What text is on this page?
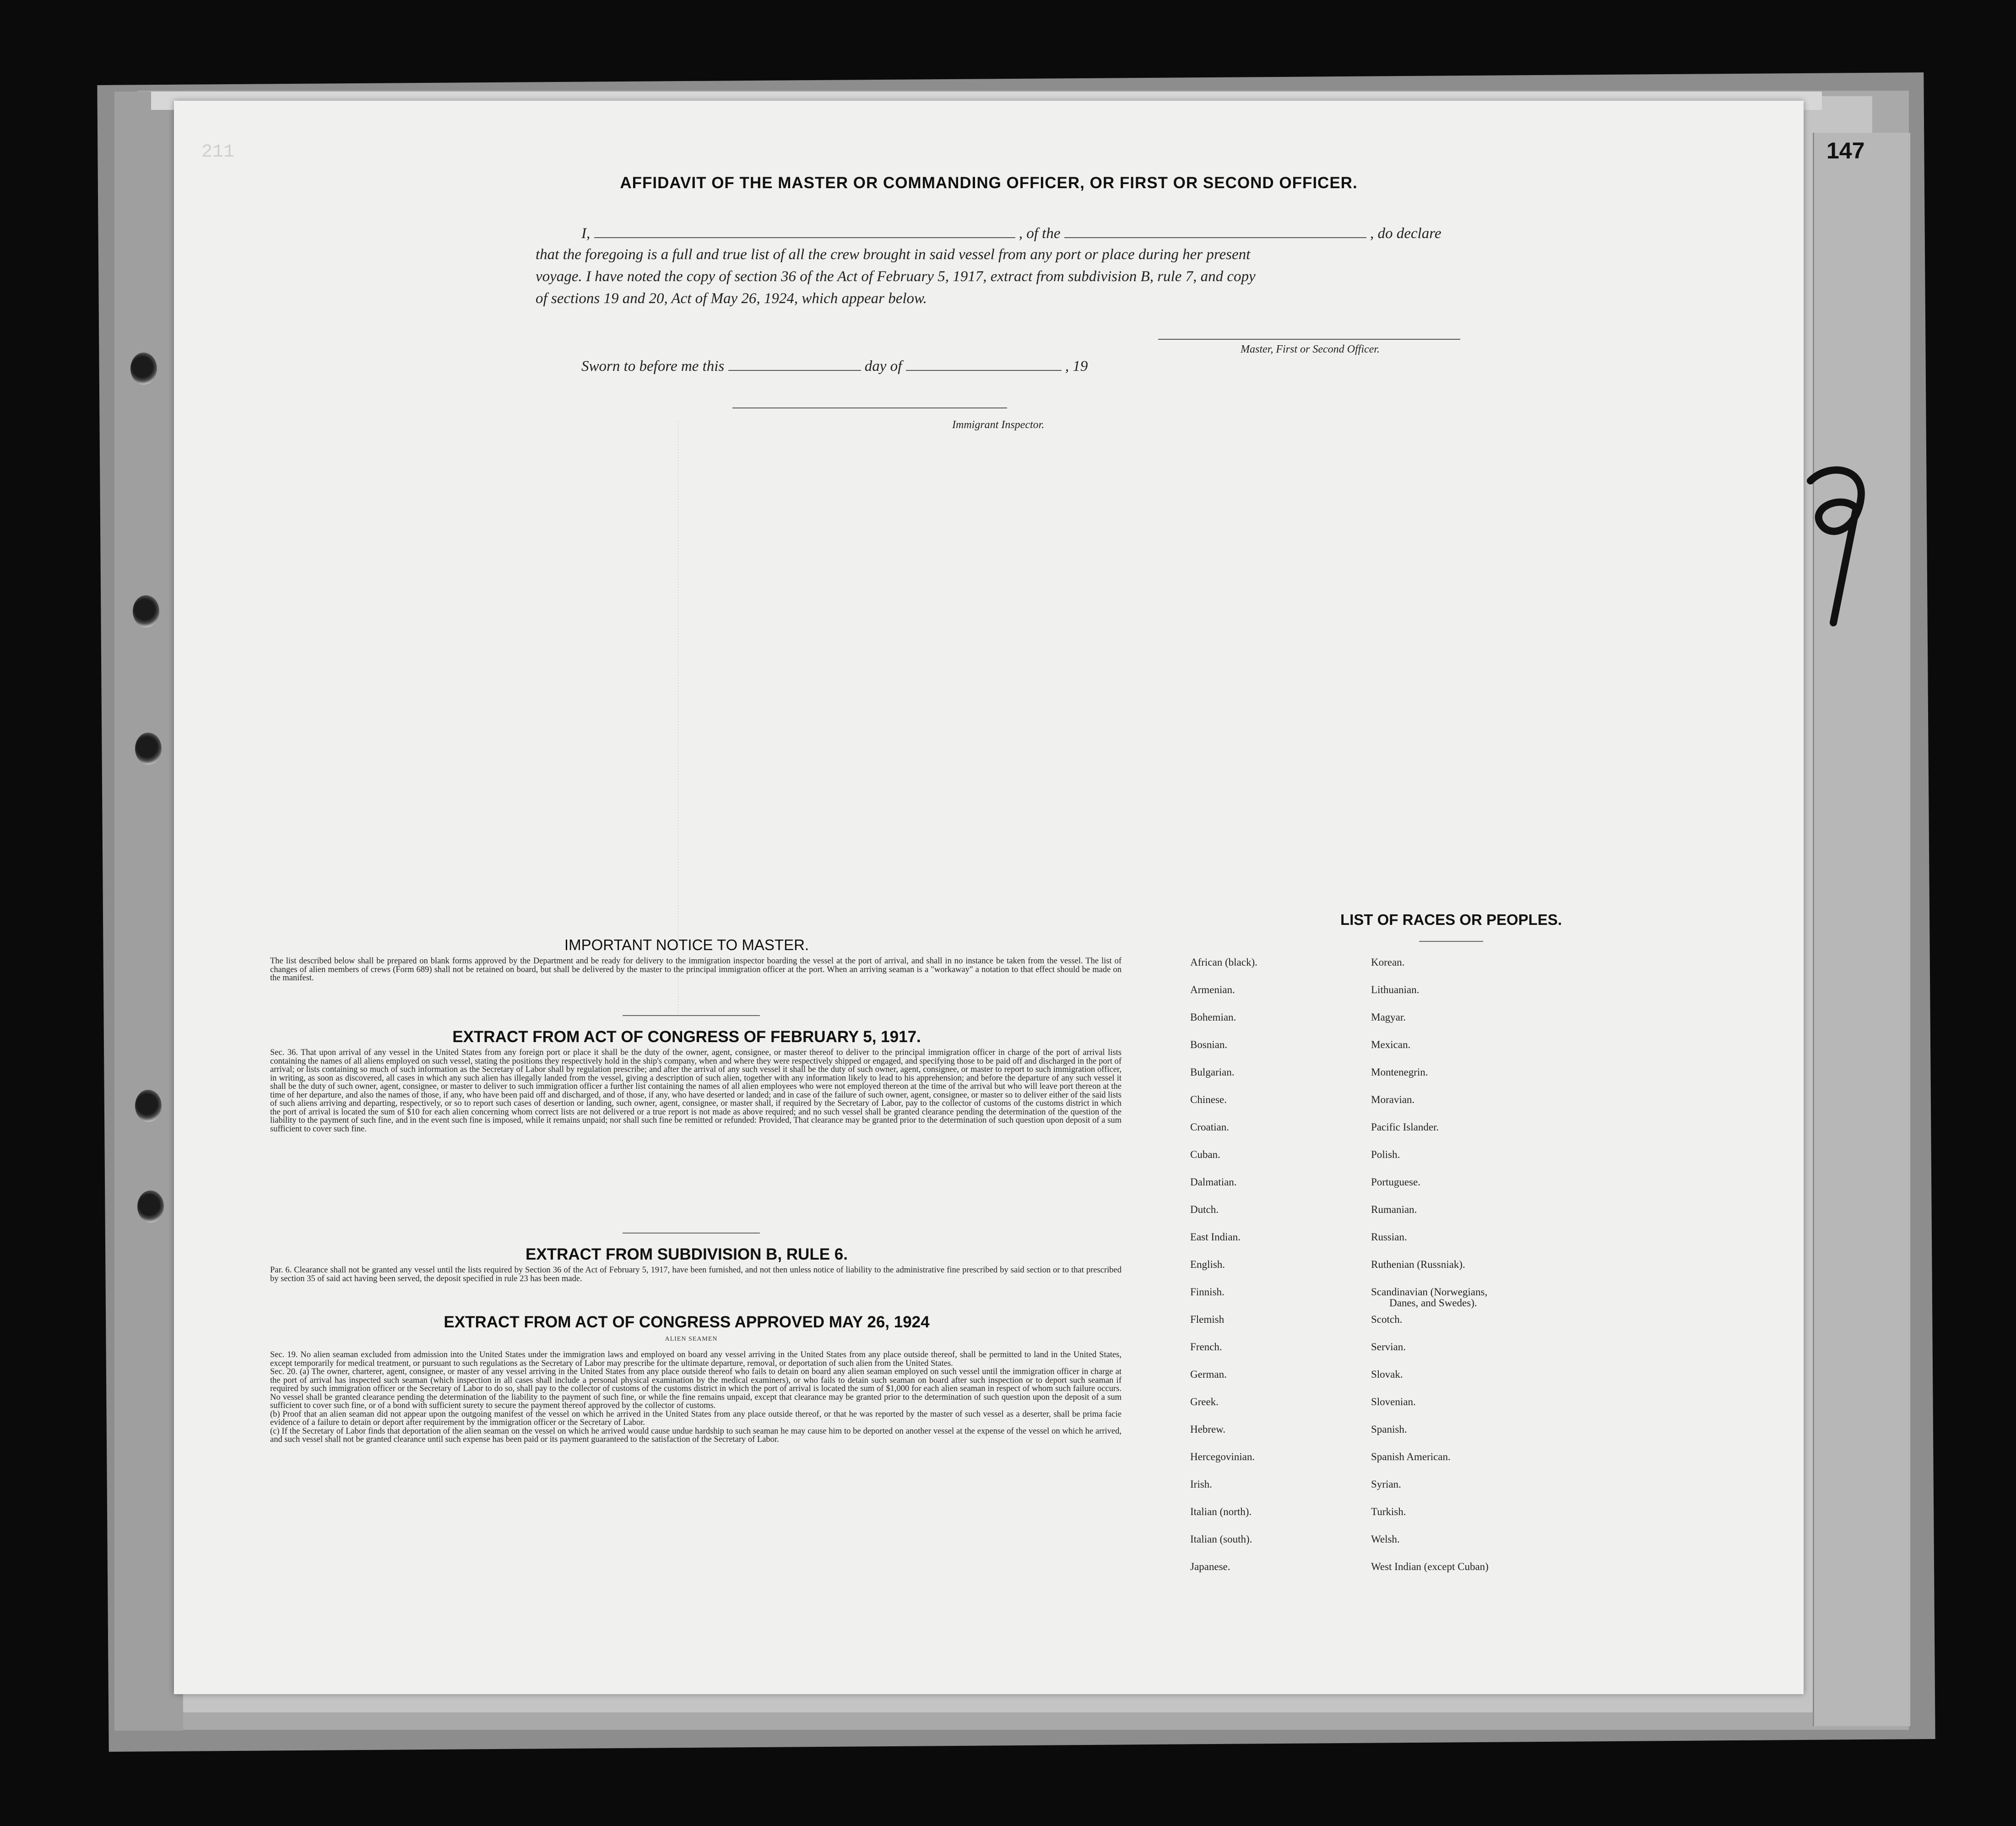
147
211
AFFIDAVIT OF THE MASTER OR COMMANDING OFFICER, OR FIRST OR SECOND OFFICER.
I,	, of the	, do declare
that the foregoing is a full and true list of all the crew brought in said vessel from any port or place during her present
voyage. I have noted the copy of section 36 of the Act of February 5, 1917, extract from subdivision B, rule 7, and copy
of sections 19 and 20, Act of May 26, 1924, which appear below.
Master, First or Second Officer.
Sworn to before me this	day of	, 19
Immigrant Inspector.
IMPORTANT NOTICE TO MASTER.
The list described below shall be prepared on blank forms approved by the Department and be ready for delivery to the immigration inspector boarding the vessel at the port of arrival, and shall in no instance be taken from the vessel. The list of changes of alien members of crews (Form 689) shall not be retained on board, but shall be delivered by the master to the principal immigration officer at the port. When an arriving seaman is a "workaway" a notation to that effect should be made on the manifest.
EXTRACT FROM ACT OF CONGRESS OF FEBRUARY 5, 1917.
Sec. 36. That upon arrival of any vessel in the United States from any foreign port or place it shall be the duty of the owner, agent, consignee, or master thereof to deliver to the principal immigration officer in charge of the port of arrival lists containing the names of all aliens employed on such vessel, stating the positions they respectively hold in the ship's company, when and where they were respectively shipped or engaged, and specifying those to be paid off and discharged in the port of arrival; or lists containing so much of such information as the Secretary of Labor shall by regulation prescribe; and after the arrival of any such vessel it shall be the duty of such owner, agent, consignee, or master to report to such immigration officer, in writing, as soon as discovered, all cases in which any such alien has illegally landed from the vessel, giving a description of such alien, together with any information likely to lead to his apprehension; and before the departure of any such vessel it shall be the duty of such owner, agent, consignee, or master to deliver to such immigration officer a further list containing the names of all alien employees who were not employed thereon at the time of the arrival but who will leave port thereon at the time of her departure, and also the names of those, if any, who have been paid off and discharged, and of those, if any, who have deserted or landed; and in case of the failure of such owner, agent, consignee, or master so to deliver either of the said lists of such aliens arriving and departing, respectively, or so to report such cases of desertion or landing, such owner, agent, consignee, or master shall, if required by the Secretary of Labor, pay to the collector of customs of the customs district in which the port of arrival is located the sum of $10 for each alien concerning whom correct lists are not delivered or a true report is not made as above required; and no such vessel shall be granted clearance pending the determination of the question of the liability to the payment of such fine, and in the event such fine is imposed, while it remains unpaid; nor shall such fine be remitted or refunded: Provided, That clearance may be granted prior to the determination of such question upon deposit of a sum sufficient to cover such fine.
EXTRACT FROM SUBDIVISION B, RULE 6.
Par. 6. Clearance shall not be granted any vessel until the lists required by Section 36 of the Act of February 5, 1917, have been furnished, and not then unless notice of liability to the administrative fine prescribed by said section or to that prescribed by section 35 of said act having been served, the deposit specified in rule 23 has been made.
EXTRACT FROM ACT OF CONGRESS APPROVED MAY 26, 1924
ALIEN SEAMEN

Sec. 19. No alien seaman excluded from admission into the United States under the immigration laws and employed on board any vessel arriving in the United States from any place outside thereof, shall be permitted to land in the United States, except temporarily for medical treatment, or pursuant to such regulations as the Secretary of Labor may prescribe for the ultimate departure, removal, or deportation of such alien from the United States.

Sec. 20. (a) The owner, charterer, agent, consignee, or master of any vessel arriving in the United States from any place outside thereof who fails to detain on board any alien seaman employed on such vessel until the immigration officer in charge at the port of arrival has inspected such seaman (which inspection in all cases shall include a personal physical examination by the medical examiners), or who fails to detain such seaman on board after such inspection or to deport such seaman if required by such immigration officer or the Secretary of Labor to do so, shall pay to the collector of customs of the customs district in which the port of arrival is located the sum of $1,000 for each alien seaman in respect of whom such failure occurs. No vessel shall be granted clearance pending the determination of the liability to the payment of such fine, or while the fine remains unpaid, except that clearance may be granted prior to the determination of such question upon the deposit of a sum sufficient to cover such fine, or of a bond with sufficient surety to secure the payment thereof approved by the collector of customs.

(b) Proof that an alien seaman did not appear upon the outgoing manifest of the vessel on which he arrived in the United States from any place outside thereof, or that he was reported by the master of such vessel as a deserter, shall be prima facie evidence of a failure to detain or deport after requirement by the immigration officer or the Secretary of Labor.

(c) If the Secretary of Labor finds that deportation of the alien seaman on the vessel on which he arrived would cause undue hardship to such seaman he may cause him to be deported on another vessel at the expense of the vessel on which he arrived, and such vessel shall not be granted clearance until such expense has been paid or its payment guaranteed to the satisfaction of the Secretary of Labor.

LIST OF RACES OR PEOPLES.
African (black).
Armenian.
Bohemian.
Bosnian.
Bulgarian.
Chinese.
Croatian.
Cuban.
Dalmatian.
Dutch.
East Indian.
English.
Finnish.
Flemish
French.
German.
Greek.
Hebrew.
Hercegovinian.
Irish.
Italian (north).
Italian (south).
Japanese.
Korean.
Lithuanian.
Magyar.
Mexican.
Montenegrin.
Moravian.
Pacific Islander.
Polish.
Portuguese.
Rumanian.
Russian.
Ruthenian (Russniak).
Scandinavian (Norwegians,
Scotch.
Servian.
Slovak.
Slovenian.
Spanish.
Spanish American.
Syrian.
Turkish.
Welsh.
West Indian (except Cuban)
Danes, and Swedes).
